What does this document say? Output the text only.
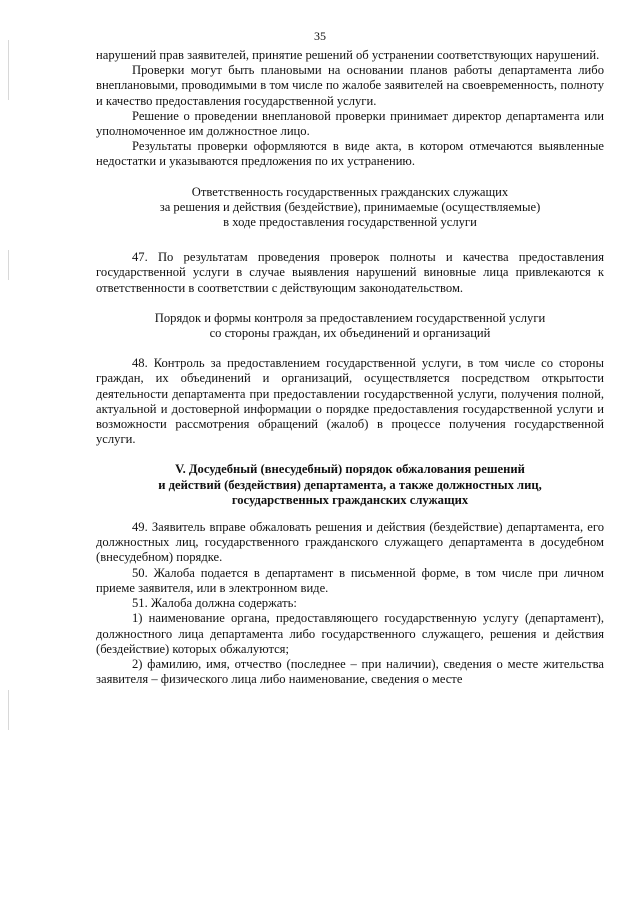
35

нарушений прав заявителей, принятие решений об устранении соответствующих нарушений.

Проверки могут быть плановыми на основании планов работы департамента либо внеплановыми, проводимыми в том числе по жалобе заявителей на своевременность, полноту и качество предоставления государственной услуги.

Решение о проведении внеплановой проверки принимает директор департамента или уполномоченное им должностное лицо.

Результаты проверки оформляются в виде акта, в котором отмечаются выявленные недостатки и указываются предложения по их устранению.

Ответственность государственных гражданских служащих

за решения и действия (бездействие), принимаемые (осуществляемые)

в ходе предоставления государственной услуги

47. По результатам проведения проверок полноты и качества предоставления государственной услуги в случае выявления нарушений виновные лица привлекаются к ответственности в соответствии с действующим законодательством.

Порядок и формы контроля за предоставлением государственной услуги

со стороны граждан, их объединений и организаций

48. Контроль за предоставлением государственной услуги, в том числе со стороны граждан, их объединений и организаций, осуществляется посредством открытости деятельности департамента при предоставлении государственной услуги, получения полной, актуальной и достоверной информации о порядке предоставления государственной услуги и возможности рассмотрения обращений (жалоб) в процессе получения государственной услуги.

V. Досудебный (внесудебный) порядок обжалования решений

и действий (бездействия) департамента, а также должностных лиц,

государственных гражданских служащих

49. Заявитель вправе обжаловать решения и действия (бездействие) департамента, его должностных лиц, государственного гражданского служащего департамента в досудебном (внесудебном) порядке.

50. Жалоба подается в департамент в письменной форме, в том числе при личном приеме заявителя, или в электронном виде.

51. Жалоба должна содержать:

1) наименование органа, предоставляющего государственную услугу (департамент), должностного лица департамента либо государственного служащего, решения и действия (бездействие) которых обжалуются;

2) фамилию, имя, отчество (последнее – при наличии), сведения о месте жительства заявителя – физического лица либо наименование, сведения о месте
